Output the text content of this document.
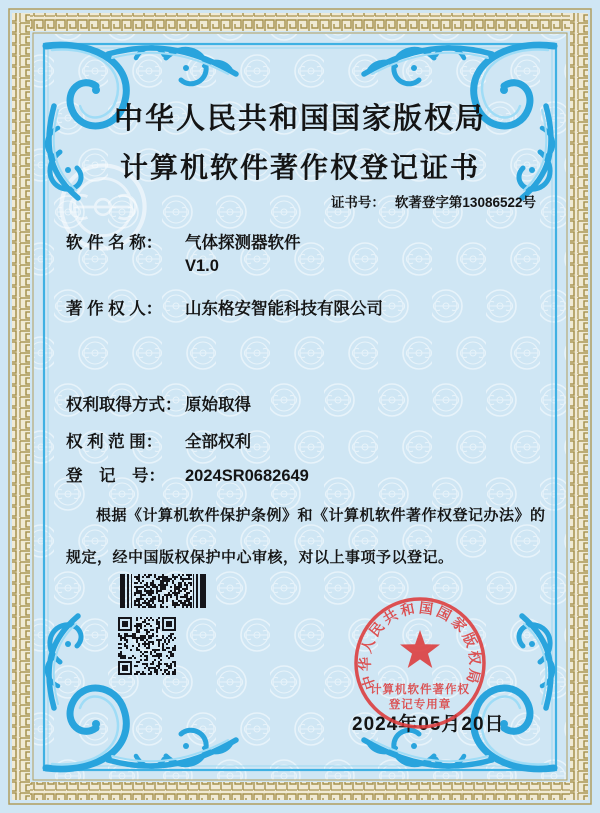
中华人民共和国国家版权局
计算机软件著作权登记证书
证书号： 软著登字第13086522号
软 件 名 称： 气体探测器软件
V1.0
著 作 权 人： 山东格安智能科技有限公司
权利取得方式： 原始取得
权 利 范 围： 全部权利
登　记　号： 2024SR0682649
根据《计算机软件保护条例》和《计算机软件著作权登记办法》的规定，经中国版权保护中心审核，对以上事项予以登记。
2024年05月20日
中华人民共和国国家版权局
计算机软件著作权
登记专用章
